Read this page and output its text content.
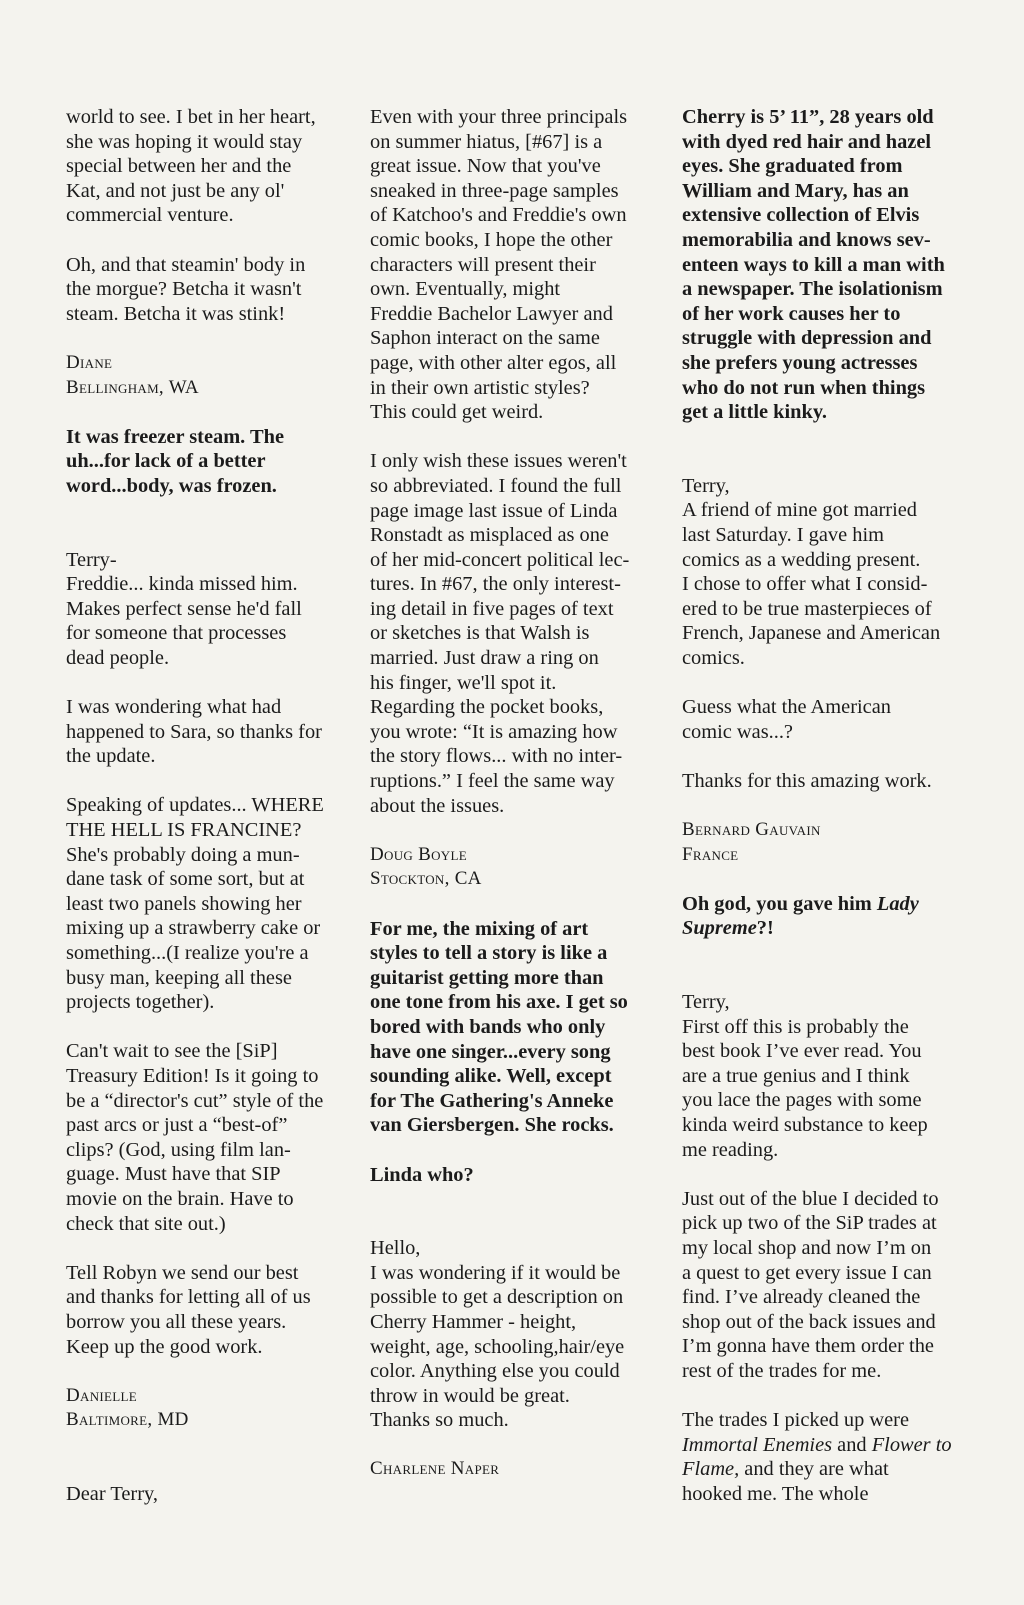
world to see. I bet in her heart,
she was hoping it would stay
special between her and the
Kat, and not just be any ol'
commercial venture.

Oh, and that steamin' body in
the morgue? Betcha it wasn't
steam. Betcha it was stink!

Diane
Bellingham, WA

It was freezer steam. The
uh...for lack of a better
word...body, was frozen.

Terry-
Freddie... kinda missed him.
Makes perfect sense he'd fall
for someone that processes
dead people.

I was wondering what had
happened to Sara, so thanks for
the update.

Speaking of updates... WHERE
THE HELL IS FRANCINE?
She's probably doing a mun-
dane task of some sort, but at
least two panels showing her
mixing up a strawberry cake or
something...(I realize you're a
busy man, keeping all these
projects together).

Can't wait to see the [SiP]
Treasury Edition! Is it going to
be a “director's cut” style of the
past arcs or just a “best-of”
clips? (God, using film lan-
guage. Must have that SIP
movie on the brain. Have to
check that site out.)

Tell Robyn we send our best
and thanks for letting all of us
borrow you all these years.
Keep up the good work.

Danielle
Baltimore, MD

Dear Terry,

Even with your three principals
on summer hiatus, [#67] is a
great issue. Now that you've
sneaked in three-page samples
of Katchoo's and Freddie's own
comic books, I hope the other
characters will present their
own. Eventually, might
Freddie Bachelor Lawyer and
Saphon interact on the same
page, with other alter egos, all
in their own artistic styles?
This could get weird.

I only wish these issues weren't
so abbreviated. I found the full
page image last issue of Linda
Ronstadt as misplaced as one
of her mid-concert political lec-
tures. In #67, the only interest-
ing detail in five pages of text
or sketches is that Walsh is
married. Just draw a ring on
his finger, we'll spot it.
Regarding the pocket books,
you wrote: “It is amazing how
the story flows... with no inter-
ruptions.” I feel the same way
about the issues.

Doug Boyle
Stockton, CA

For me, the mixing of art
styles to tell a story is like a
guitarist getting more than
one tone from his axe. I get so
bored with bands who only
have one singer...every song
sounding alike. Well, except
for The Gathering's Anneke
van Giersbergen. She rocks.

Linda who?

Hello,
I was wondering if it would be
possible to get a description on
Cherry Hammer - height,
weight, age, schooling,hair/eye
color. Anything else you could
throw in would be great.
Thanks so much.

Charlene Naper

Cherry is 5’ 11”, 28 years old
with dyed red hair and hazel
eyes. She graduated from
William and Mary, has an
extensive collection of Elvis
memorabilia and knows sev-
enteen ways to kill a man with
a newspaper. The isolationism
of her work causes her to
struggle with depression and
she prefers young actresses
who do not run when things
get a little kinky.

Terry,
A friend of mine got married
last Saturday. I gave him
comics as a wedding present.
I chose to offer what I consid-
ered to be true masterpieces of
French, Japanese and American
comics.

Guess what the American
comic was...?

Thanks for this amazing work.

Bernard Gauvain
France

Oh god, you gave him Lady
Supreme?!

Terry,
First off this is probably the
best book I’ve ever read. You
are a true genius and I think
you lace the pages with some
kinda weird substance to keep
me reading.

Just out of the blue I decided to
pick up two of the SiP trades at
my local shop and now I’m on
a quest to get every issue I can
find. I’ve already cleaned the
shop out of the back issues and
I’m gonna have them order the
rest of the trades for me.

The trades I picked up were
Immortal Enemies and Flower to
Flame, and they are what
hooked me. The whole
